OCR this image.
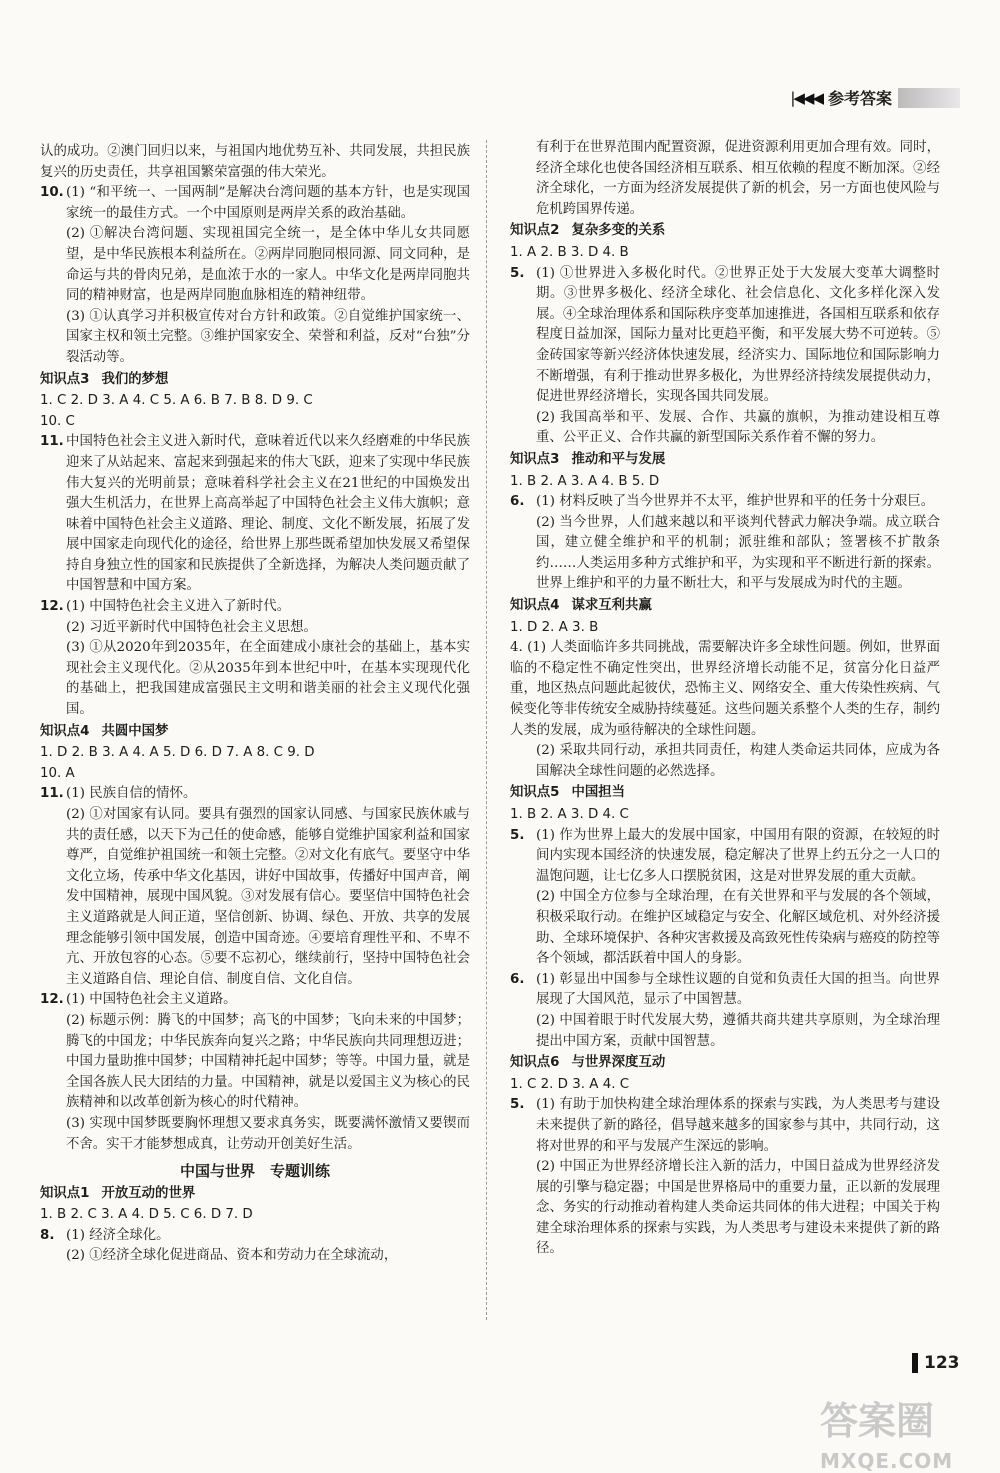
|◀◀◀ 参考答案
认的成功。②澳门回归以来，与祖国内地优势互补、共同发展，共担民族复兴的历史责任，共享祖国繁荣富强的伟大荣光。
10. (1) “和平统一、一国两制”是解决台湾问题的基本方针，也是实现国家统一的最佳方式。一个中国原则是两岸关系的政治基础。
(2) ①解决台湾问题、实现祖国完全统一，是全体中华儿女共同愿望，是中华民族根本利益所在。②两岸同胞同根同源、同文同种，是命运与共的骨肉兄弟，是血浓于水的一家人。中华文化是两岸同胞共同的精神财富，也是两岸同胞血脉相连的精神纽带。
(3) ①认真学习并积极宣传对台方针和政策。②自觉维护国家统一、国家主权和领土完整。③维护国家安全、荣誉和利益，反对“台独”分裂活动等。
知识点3 我们的梦想
1. C 2. D 3. A 4. C 5. A 6. B 7. B 8. D 9. C
10. C
11. 中国特色社会主义进入新时代，意味着近代以来久经磨难的中华民族迎来了从站起来、富起来到强起来的伟大飞跃，迎来了实现中华民族伟大复兴的光明前景；意味着科学社会主义在21世纪的中国焕发出强大生机活力，在世界上高高举起了中国特色社会主义伟大旗帜；意味着中国特色社会主义道路、理论、制度、文化不断发展，拓展了发展中国家走向现代化的途径，给世界上那些既希望加快发展又希望保持自身独立性的国家和民族提供了全新选择，为解决人类问题贡献了中国智慧和中国方案。
12. (1) 中国特色社会主义进入了新时代。
(2) 习近平新时代中国特色社会主义思想。
(3) ①从2020年到2035年，在全面建成小康社会的基础上，基本实现社会主义现代化。②从2035年到本世纪中叶，在基本实现现代化的基础上，把我国建成富强民主文明和谐美丽的社会主义现代化强国。
知识点4 共圆中国梦
1. D 2. B 3. A 4. A 5. D 6. D 7. A 8. C 9. D
10. A
11. (1) 民族自信的情怀。
(2) ①对国家有认同。要具有强烈的国家认同感、与国家民族休戚与共的责任感，以天下为己任的使命感，能够自觉维护国家利益和国家尊严，自觉维护祖国统一和领土完整。②对文化有底气。要坚守中华文化立场，传承中华文化基因，讲好中国故事，传播好中国声音，阐发中国精神，展现中国风貌。③对发展有信心。要坚信中国特色社会主义道路就是人间正道，坚信创新、协调、绿色、开放、共享的发展理念能够引领中国发展，创造中国奇迹。④要培育理性平和、不卑不亢、开放包容的心态。⑤要不忘初心，继续前行，坚持中国特色社会主义道路自信、理论自信、制度自信、文化自信。
12. (1) 中国特色社会主义道路。
(2) 标题示例：腾飞的中国梦；高飞的中国梦；飞向未来的中国梦；腾飞的中国龙；中华民族奔向复兴之路；中华民族向共同理想迈进；中国力量助推中国梦；中国精神托起中国梦；等等。中国力量，就是全国各族人民大团结的力量。中国精神，就是以爱国主义为核心的民族精神和以改革创新为核心的时代精神。
(3) 实现中国梦既要胸怀理想又要求真务实，既要满怀激情又要锲而不舍。实干才能梦想成真，让劳动开创美好生活。
中国与世界　专题训练
知识点1 开放互动的世界
1. B 2. C 3. A 4. D 5. C 6. D 7. D
8. (1) 经济全球化。
(2) ①经济全球化促进商品、资本和劳动力在全球流动，
有利于在世界范围内配置资源，促进资源利用更加合理有效。同时，经济全球化也使各国经济相互联系、相互依赖的程度不断加深。②经济全球化，一方面为经济发展提供了新的机会，另一方面也使风险与危机跨国界传递。
知识点2 复杂多变的关系
1. A 2. B 3. D 4. B
5. (1) ①世界进入多极化时代。②世界正处于大发展大变革大调整时期。③世界多极化、经济全球化、社会信息化、文化多样化深入发展。④全球治理体系和国际秩序变革加速推进，各国相互联系和依存程度日益加深，国际力量对比更趋平衡，和平发展大势不可逆转。⑤金砖国家等新兴经济体快速发展，经济实力、国际地位和国际影响力不断增强，有利于推动世界多极化，为世界经济持续发展提供动力，促进世界经济增长，实现各国共同发展。
(2) 我国高举和平、发展、合作、共赢的旗帜，为推动建设相互尊重、公平正义、合作共赢的新型国际关系作着不懈的努力。
知识点3 推动和平与发展
1. B 2. A 3. A 4. B 5. D
6. (1) 材料反映了当今世界并不太平，维护世界和平的任务十分艰巨。
(2) 当今世界，人们越来越以和平谈判代替武力解决争端。成立联合国，建立健全维护和平的机制；派驻维和部队；签署核不扩散条约……人类运用多种方式维护和平，为实现和平不断进行新的探索。世界上维护和平的力量不断壮大，和平与发展成为时代的主题。
知识点4 谋求互利共赢
1. D 2. A 3. B
4. (1) 人类面临许多共同挑战，需要解决许多全球性问题。例如，世界面临的不稳定性不确定性突出，世界经济增长动能不足，贫富分化日益严重，地区热点问题此起彼伏，恐怖主义、网络安全、重大传染性疾病、气候变化等非传统安全威胁持续蔓延。这些问题关系整个人类的生存，制约人类的发展，成为亟待解决的全球性问题。
(2) 采取共同行动，承担共同责任，构建人类命运共同体，应成为各国解决全球性问题的必然选择。
知识点5 中国担当
1. B 2. A 3. D 4. C
5. (1) 作为世界上最大的发展中国家，中国用有限的资源，在较短的时间内实现本国经济的快速发展，稳定解决了世界上约五分之一人口的温饱问题，让七亿多人口摆脱贫困，这是对世界发展的重大贡献。
(2) 中国全方位参与全球治理，在有关世界和平与发展的各个领域，积极采取行动。在维护区域稳定与安全、化解区域危机、对外经济援助、全球环境保护、各种灾害救援及高致死性传染病与癌疫的防控等各个领域，都活跃着中国人的身影。
6. (1) 彰显出中国参与全球性议题的自觉和负责任大国的担当。向世界展现了大国风范，显示了中国智慧。
(2) 中国着眼于时代发展大势，遵循共商共建共享原则，为全球治理提出中国方案，贡献中国智慧。
知识点6 与世界深度互动
1. C 2. D 3. A 4. C
5. (1) 有助于加快构建全球治理体系的探索与实践，为人类思考与建设未来提供了新的路径，倡导越来越多的国家参与其中，共同行动，这将对世界的和平与发展产生深远的影响。
(2) 中国正为世界经济增长注入新的活力，中国日益成为世界经济发展的引擎与稳定器；中国是世界格局中的重要力量，正以新的发展理念、务实的行动推动着构建人类命运共同体的伟大进程；中国关于构建全球治理体系的探索与实践，为人类思考与建设未来提供了新的路径。
123
答案圈
MXQE.COM
